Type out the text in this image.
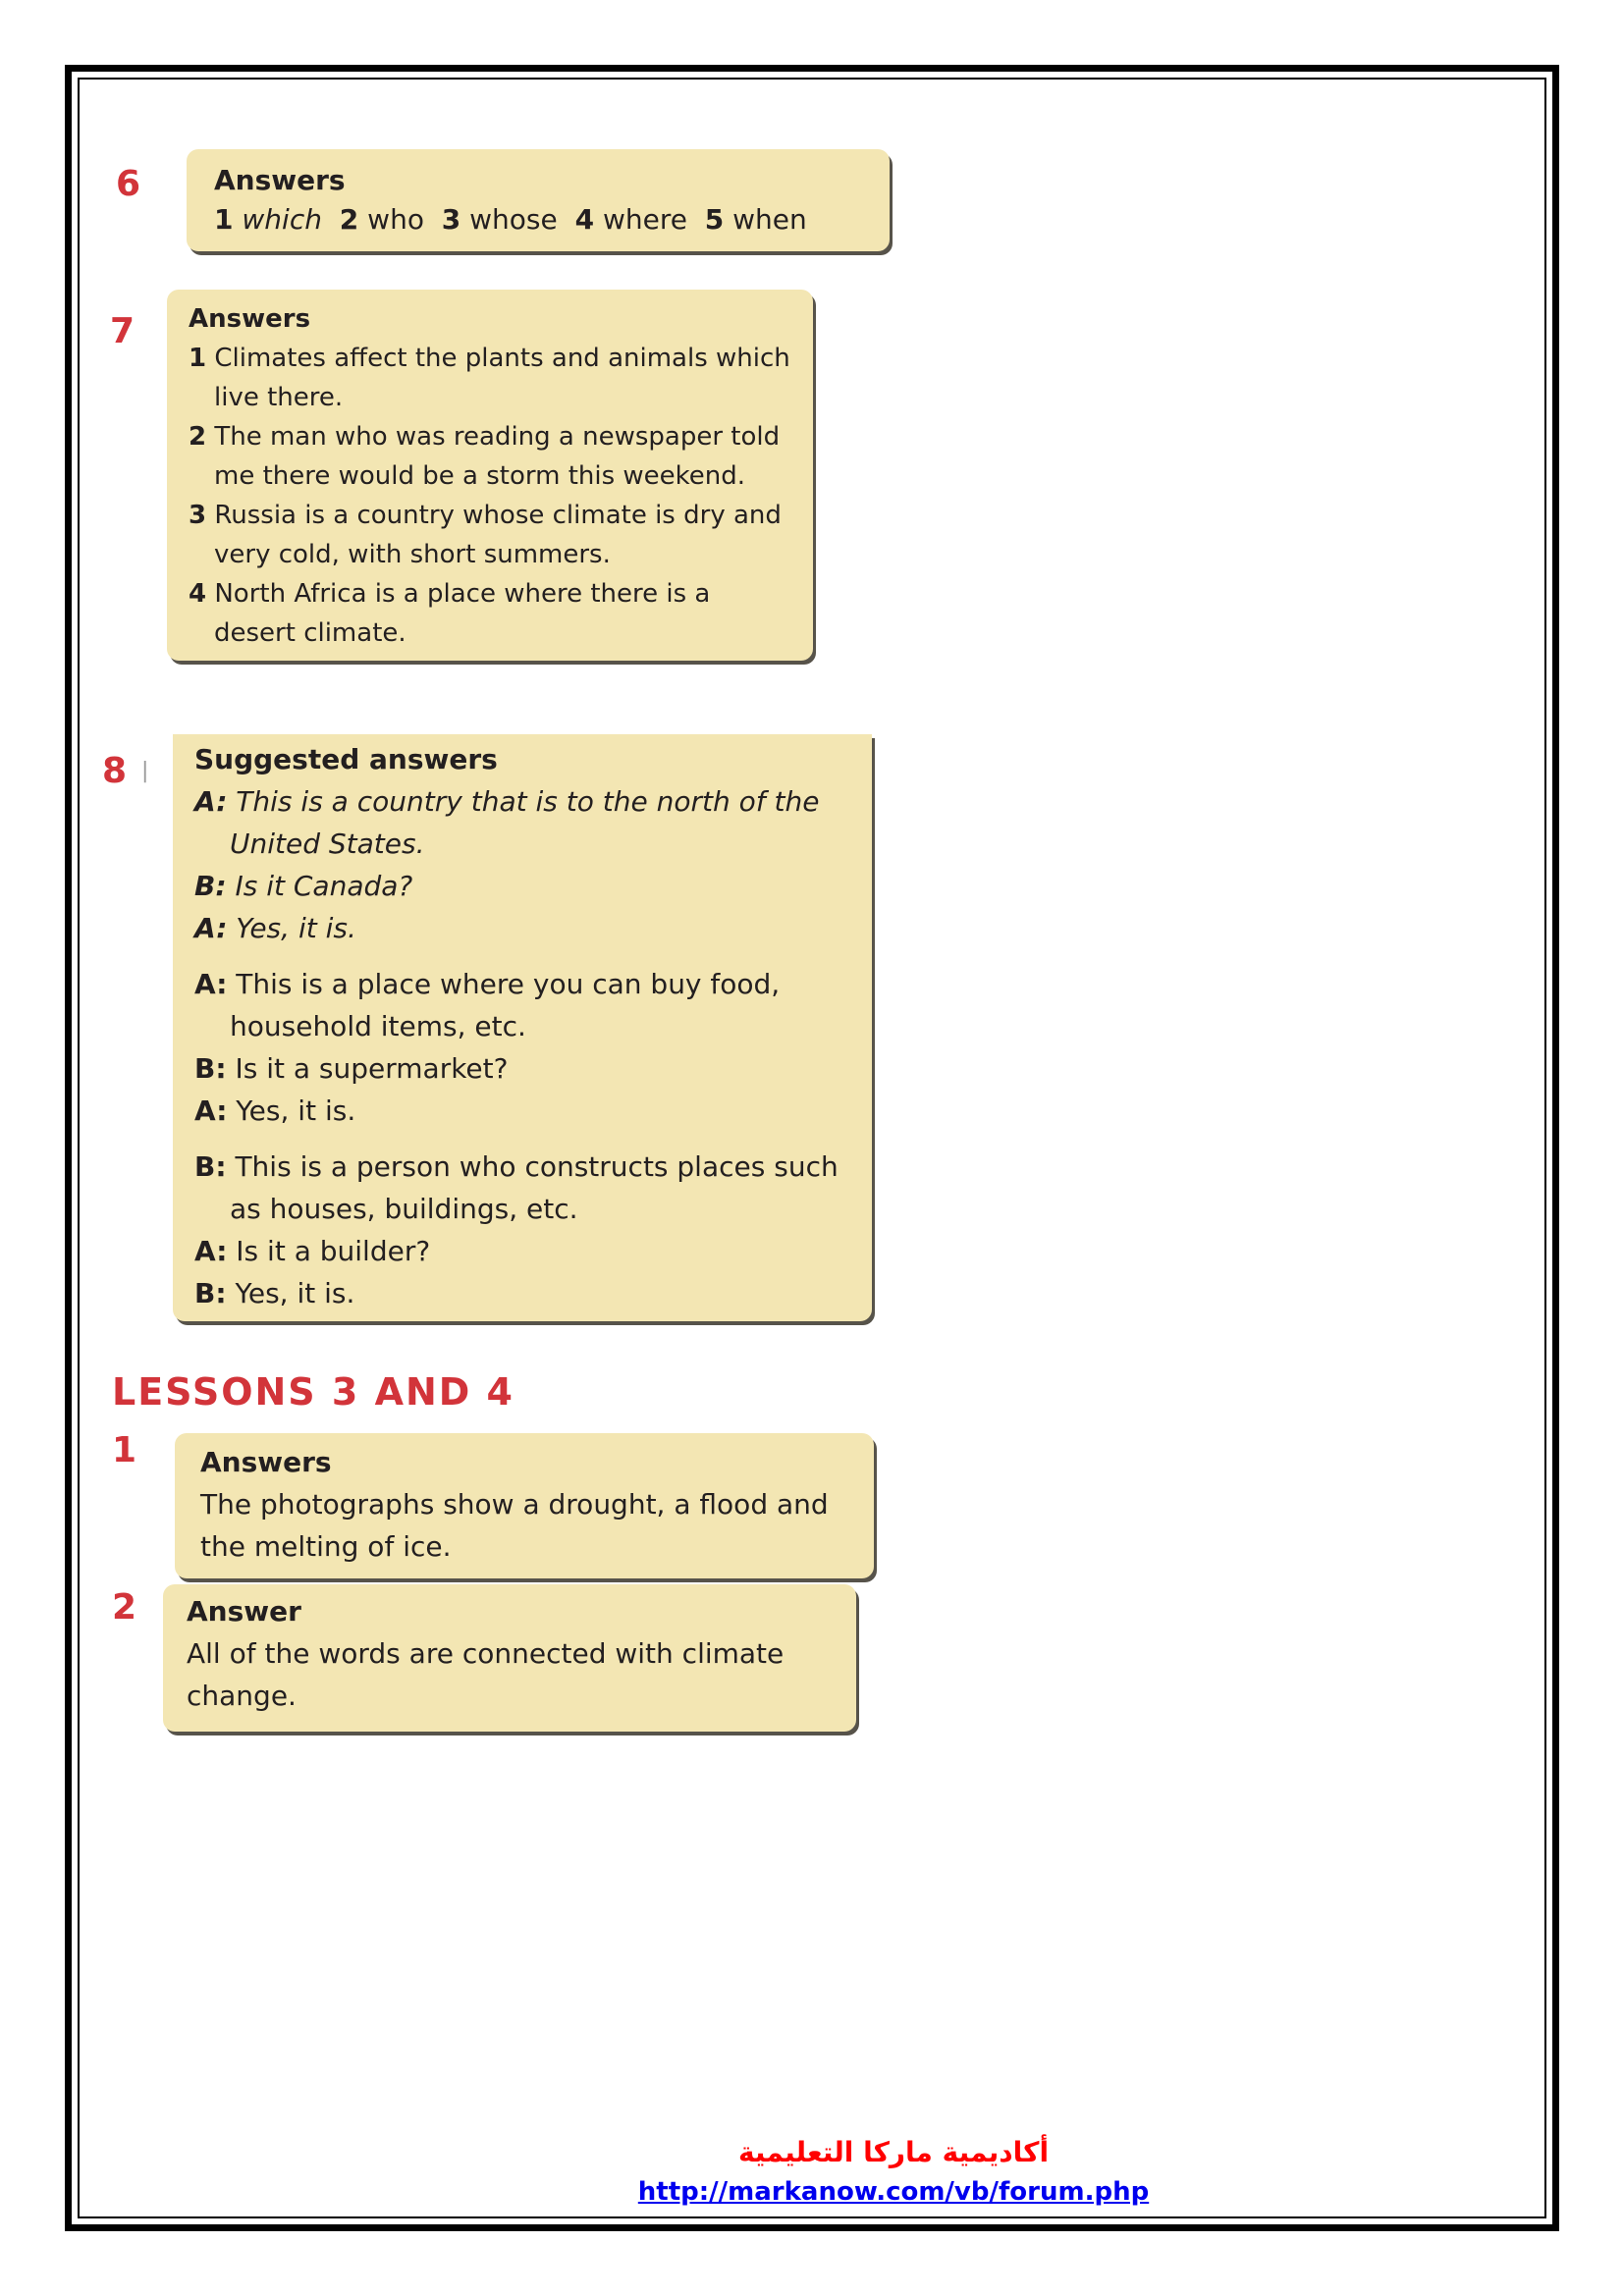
6	Answers
1 which 2 who 3 whose 4 where 5 when
7 Answers
1 Climates affect the plants and animals which live there.
2 The man who was reading a newspaper told me there would be a storm this weekend.
3 Russia is a country whose climate is dry and very cold, with short summers.
4 North Africa is a place where there is a desert climate.
8 | Suggested answers
A: This is a country that is to the north of the United States.
B: Is it Canada?
A: Yes, it is.
A: This is a place where you can buy food, household items, etc.
B: Is it a supermarket?
A: Yes, it is.
B: This is a person who constructs places such as houses, buildings, etc.
A: Is it a builder?
B: Yes, it is.
LESSONS 3 AND 4
1 Answers
The photographs show a drought, a flood and the melting of ice.
2 Answer
All of the words are connected with climate change.
أكاديمية ماركا التعليمية
http://markanow.com/vb/forum.php
